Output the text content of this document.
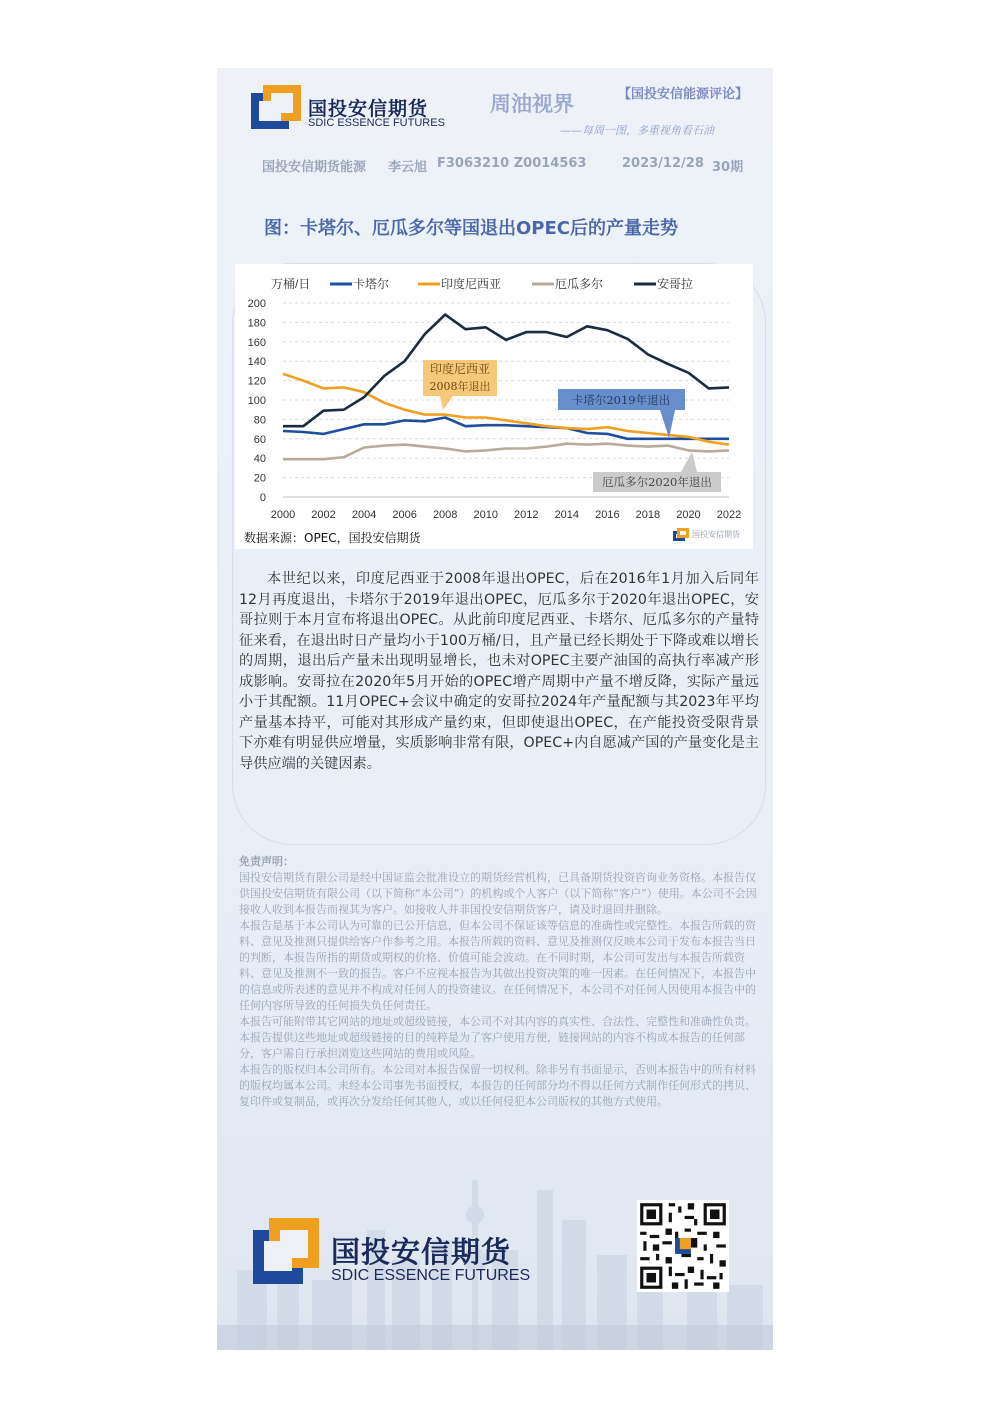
国投安信期货
SDIC ESSENCE FUTURES
周油视界	【国投安信能源评论】
——每周一图，多重视角看石油
国投安信期货能源 李云旭 F3063210 Z0014563	2023/12/28 30期
图：卡塔尔、厄瓜多尔等国退出OPEC后的产量走势
0
20
40
60
80
100
120
140
160
180
200
2000 2002 2004 2006 2008 2010 2012 2014 2016 2018 2020 2022
万桶/日	卡塔尔	印度尼西亚	厄瓜多尔	安哥拉
印度尼西亚
2008年退出
卡塔尔2019年退出
厄瓜多尔2020年退出
数据来源：OPEC，国投安信期货	国投安信期货
本世纪以来，印度尼西亚于2008年退出OPEC，后在2016年1月加入后同年12月再度退出，卡塔尔于2019年退出OPEC，厄瓜多尔于2020年退出OPEC，安哥拉则于本月宣布将退出OPEC。从此前印度尼西亚、卡塔尔、厄瓜多尔的产量特征来看，在退出时日产量均小于100万桶/日，且产量已经长期处于下降或难以增长的周期，退出后产量未出现明显增长，也未对OPEC主要产油国的高执行率减产形成影响。安哥拉在2020年5月开始的OPEC增产周期中产量不增反降，实际产量远小于其配额。11月OPEC+会议中确定的安哥拉2024年产量配额与其2023年平均产量基本持平，可能对其形成产量约束，但即使退出OPEC，在产能投资受限背景下亦难有明显供应增量，实质影响非常有限，OPEC+内自愿减产国的产量变化是主导供应端的关键因素。

免责声明：

国投安信期货有限公司是经中国证监会批准设立的期货经营机构，已具备期货投资咨询业务资格。本报告仅供国投安信期货有限公司（以下简称“本公司”）的机构或个人客户（以下简称“客户”）使用。本公司不会因接收人收到本报告而视其为客户。如接收人并非国投安信期货客户，请及时退回并删除。

本报告是基于本公司认为可靠的已公开信息，但本公司不保证该等信息的准确性或完整性。本报告所载的资料、意见及推测只提供给客户作参考之用。本报告所载的资料、意见及推测仅反映本公司于发布本报告当日的判断，本报告所指的期货或期权的价格、价值可能会波动。在不同时期，本公司可发出与本报告所载资料、意见及推测不一致的报告。客户不应视本报告为其做出投资决策的唯一因素。在任何情况下，本报告中的信息或所表述的意见并不构成对任何人的投资建议。在任何情况下，本公司不对任何人因使用本报告中的任何内容所导致的任何损失负任何责任。

本报告可能附带其它网站的地址或超级链接，本公司不对其内容的真实性、合法性、完整性和准确性负责。本报告提供这些地址或超级链接的目的纯粹是为了客户使用方便，链接网站的内容不构成本报告的任何部分，客户需自行承担浏览这些网站的费用或风险。

本报告的版权归本公司所有。本公司对本报告保留一切权利。除非另有书面显示，否则本报告中的所有材料的版权均属本公司。未经本公司事先书面授权，本报告的任何部分均不得以任何方式制作任何形式的拷贝、复印件或复制品，或再次分发给任何其他人，或以任何侵犯本公司版权的其他方式使用。

国投安信期货
SDIC ESSENCE FUTURES
